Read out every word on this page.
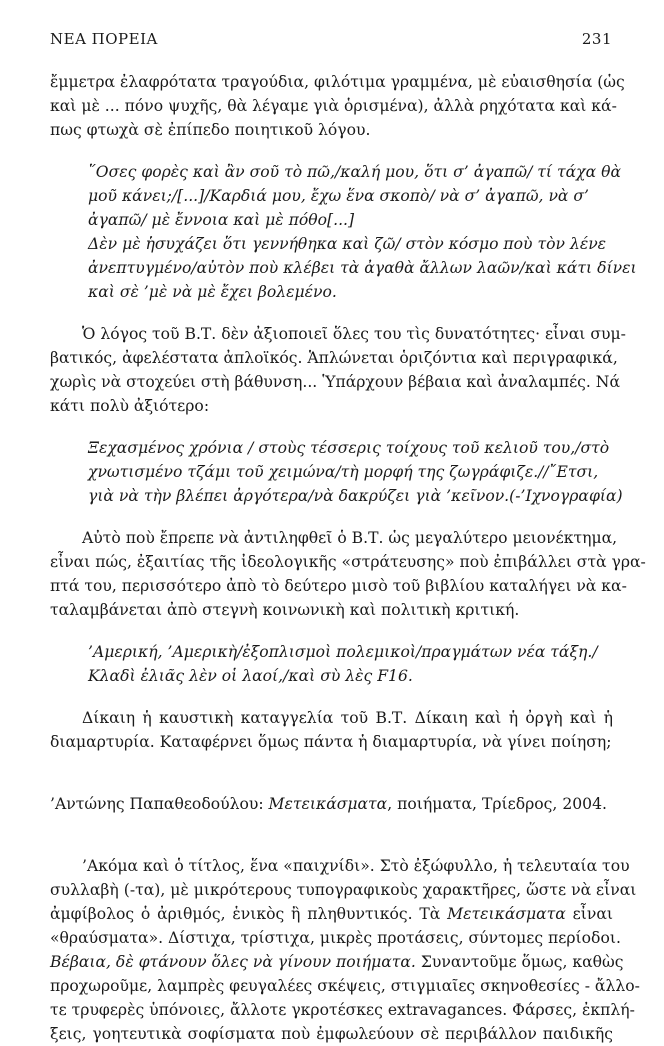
ΝΕΑ ΠΟΡΕΙΑ	231
ἔμμετρα ἐλαφρότατα τραγούδια, φιλότιμα γραμμένα, μὲ εὐαισθησία (ὡς
καὶ μὲ ... πόνο ψυχῆς, θὰ λέγαμε γιὰ ὁρισμένα), ἀλλὰ ρηχότατα καὶ κά-
πως φτωχὰ σὲ ἐπίπεδο ποιητικοῦ λόγου.
῞Οσες φορὲς καὶ ἂν σοῦ τὸ πῶ,/καλή μου, ὅτι σ’ ἀγαπῶ/ τί τάχα θὰ
μοῦ κάνει;/[...]/Καρδιά μου, ἔχω ἕνα σκοπὸ/ νὰ σ’ ἀγαπῶ, νὰ σ’
ἀγαπῶ/ μὲ ἔννοια καὶ μὲ πόθο[...]
Δὲν μὲ ἡσυχάζει ὅτι γεννήθηκα καὶ ζῶ/ στὸν κόσμο ποὺ τὸν λένε
ἀνεπτυγμένο/αὐτὸν ποὺ κλέβει τὰ ἀγαθὰ ἄλλων λαῶν/καὶ κάτι δίνει
καὶ σὲ ’μὲ νὰ μὲ ἔχει βολεμένο.
Ὁ λόγος τοῦ Β.Τ. δὲν ἀξιοποιεῖ ὅλες του τὶς δυνατότητες· εἶναι συμ-
βατικός, ἀφελέστατα ἀπλοϊκός. Ἁπλώνεται ὁριζόντια καὶ περιγραφικά,
χωρὶς νὰ στοχεύει στὴ βάθυνση... Ὑπάρχουν βέβαια καὶ ἀναλαμπές. Νά
κάτι πολὺ ἀξιότερο:
Ξεχασμένος χρόνια / στοὺς τέσσερις τοίχους τοῦ κελιοῦ του,/στὸ
χνωτισμένο τζάμι τοῦ χειμώνα/τὴ μορφή της ζωγράφιζε.//῎Ετσι,
γιὰ νὰ τὴν βλέπει ἀργότερα/νὰ δακρύζει γιὰ ’κεῖνον.(-’Ιχνογραφία)
Αὐτὸ ποὺ ἔπρεπε νὰ ἀντιληφθεῖ ὁ Β.Τ. ὡς μεγαλύτερο μειονέκτημα,
εἶναι πώς, ἐξαιτίας τῆς ἰδεολογικῆς «στράτευσης» ποὺ ἐπιβάλλει στὰ γρα-
πτά του, περισσότερο ἀπὸ τὸ δεύτερο μισὸ τοῦ βιβλίου καταλήγει νὰ κα-
ταλαμβάνεται ἀπὸ στεγνὴ κοινωνικὴ καὶ πολιτικὴ κριτική.
’Αμερική, ’Αμερικὴ/ἐξοπλισμοὶ πολεμικοὶ/πραγμάτων νέα τάξη./
Κλαδὶ ἐλιᾶς λὲν οἱ λαοί,/καὶ σὺ λὲς F16.
Δίκαιη ἡ καυστικὴ καταγγελία τοῦ Β.Τ. Δίκαιη καὶ ἡ ὀργὴ καὶ ἡ
διαμαρτυρία. Καταφέρνει ὅμως πάντα ἡ διαμαρτυρία, νὰ γίνει ποίηση;
’Αντώνης Παπαθεοδούλου: Μετεικάσματα, ποιήματα, Τρίεδρος, 2004.
’Ακόμα καὶ ὁ τίτλος, ἕνα «παιχνίδι». Στὸ ἐξώφυλλο, ἡ τελευταία του
συλλαβὴ (-τα), μὲ μικρότερους τυπογραφικοὺς χαρακτῆρες, ὥστε νὰ εἶναι
ἀμφίβολος ὁ ἀριθμός, ἑνικὸς ἢ πληθυντικός. Τὰ Μετεικάσματα εἶναι
«θραύσματα». Δίστιχα, τρίστιχα, μικρὲς προτάσεις, σύντομες περίοδοι.
Βέβαια, δὲ φτάνουν ὅλες νὰ γίνουν ποιήματα. Συναντοῦμε ὅμως, καθὼς
προχωροῦμε, λαμπρὲς φευγαλέες σκέψεις, στιγμιαῖες σκηνοθεσίες - ἄλλο-
τε τρυφερὲς ὑπόνοιες, ἄλλοτε γκροτέσκες extravagances. Φάρσες, ἐκπλή-
ξεις, γοητευτικὰ σοφίσματα ποὺ ἐμφωλεύουν σὲ περιβάλλον παιδικῆς
